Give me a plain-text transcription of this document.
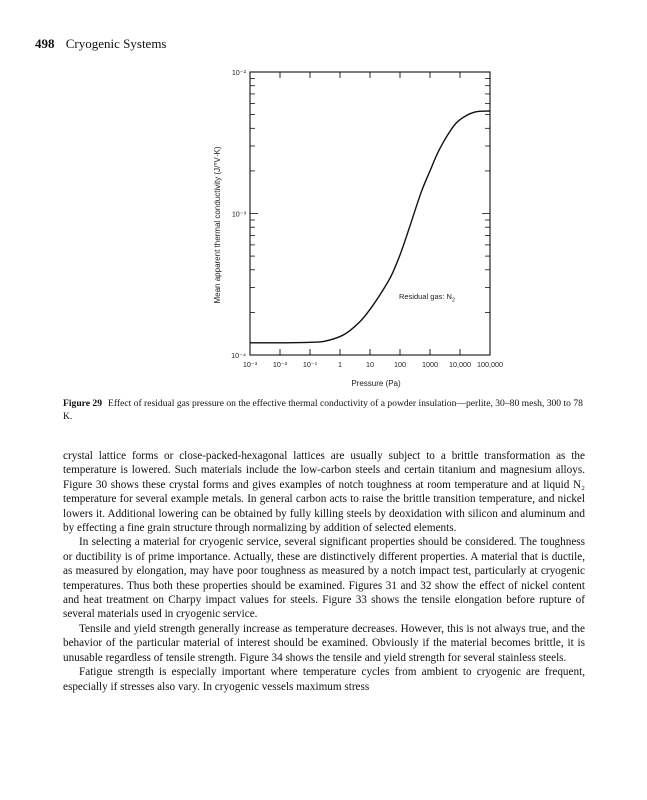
498 Cryogenic Systems
10⁻³ 10⁻² 10⁻¹	1	10	100 1000 10,000 100,000
10⁻⁴
10⁻³
10⁻²
Pressure (Pa)
Mean apparent thermal conductivity (J/°V·K)	Residual gas: $N_2$
Figure 29 Effect of residual gas pressure on the effective thermal conductivity of a powder insulation—perlite, 30–80 mesh, 300 to 78 K.

crystal lattice forms or close-packed-hexagonal lattices are usually subject to a brittle transformation as the temperature is lowered. Such materials include the low-carbon steels and certain titanium and magnesium alloys. Figure 30 shows these crystal forms and gives examples of notch toughness at room temperature and at liquid N₂ temperature for several example metals. In general carbon acts to raise the brittle transition temperature, and nickel lowers it. Additional lowering can be obtained by fully killing steels by deoxidation with silicon and aluminum and by effecting a fine grain structure through normalizing by addition of selected elements.

In selecting a material for cryogenic service, several significant properties should be considered. The toughness or ductibility is of prime importance. Actually, these are distinctively different properties. A material that is ductile, as measured by elongation, may have poor toughness as measured by a notch impact test, particularly at cryogenic temperatures. Thus both these properties should be examined. Figures 31 and 32 show the effect of nickel content and heat treatment on Charpy impact values for steels. Figure 33 shows the tensile elongation before rupture of several materials used in cryogenic service.

Tensile and yield strength generally increase as temperature decreases. However, this is not always true, and the behavior of the particular material of interest should be examined. Obviously if the material becomes brittle, it is unusable regardless of tensile strength. Figure 34 shows the tensile and yield strength for several stainless steels.

Fatigue strength is especially important where temperature cycles from ambient to cryogenic are frequent, especially if stresses also vary. In cryogenic vessels maximum stress
